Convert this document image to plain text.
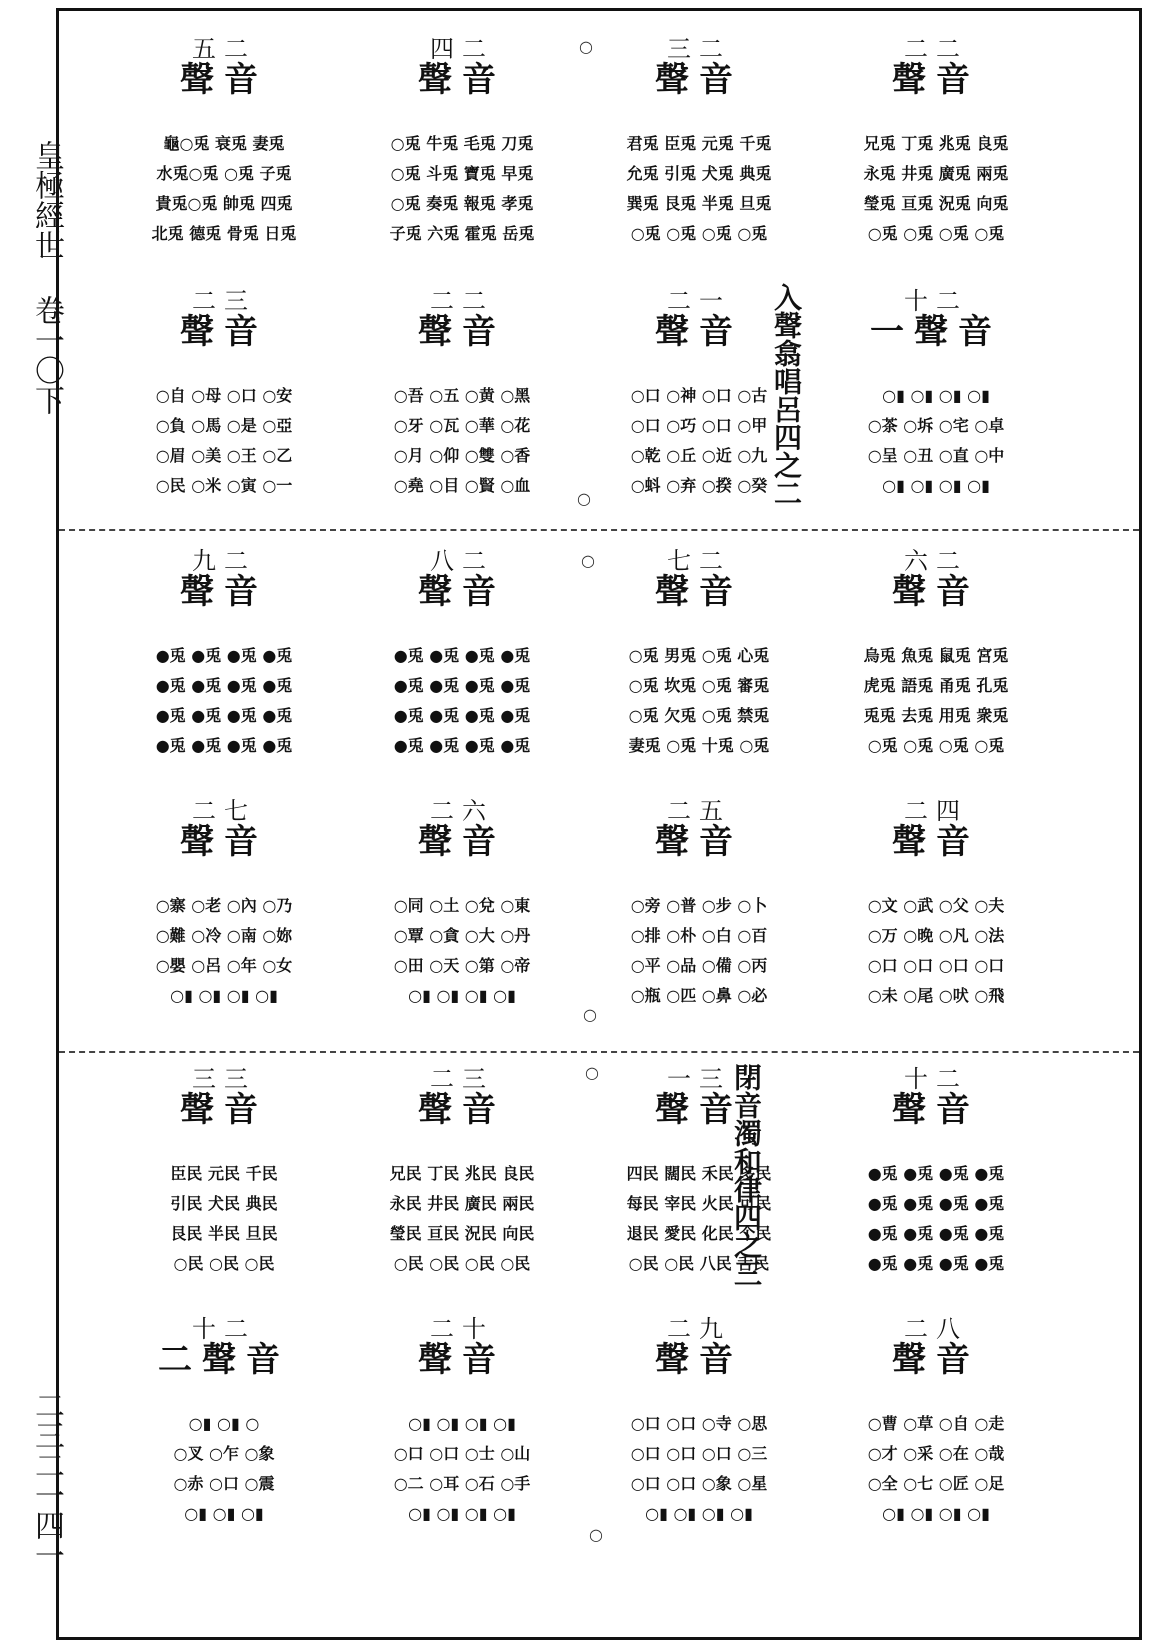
皇極經世 卷一〇下
二三二一四一
入聲翕唱呂四之二
閉音濁和律四之三
○
○
○
○
○
○
五二
聲音
龜○兎 衰兎 妻兎
水兎○兎 ○兎 子兎
貴兎○兎 帥兎 四兎
北兎 德兎 骨兎 日兎
四二
聲音
○兎 牛兎 毛兎 刀兎
○兎 斗兎 寶兎 早兎
○兎 奏兎 報兎 孝兎
子兎 六兎 霍兎 岳兎
三二
聲音
君兎 臣兎 元兎 千兎
允兎 引兎 犬兎 典兎
巽兎 艮兎 半兎 旦兎
○兎 ○兎 ○兎 ○兎
二二
聲音
兄兎 丁兎 兆兎 良兎
永兎 井兎 廣兎 兩兎
瑩兎 亘兎 況兎 向兎
○兎 ○兎 ○兎 ○兎
二三
聲音
○自 ○母 ○口 ○安
○負 ○馬 ○是 ○亞
○眉 ○美 ○王 ○乙
○民 ○米 ○寅 ○一
二二
聲音
○吾 ○五 ○黄 ○黑
○牙 ○瓦 ○華 ○花
○月 ○仰 ○雙 ○香
○堯 ○目 ○賢 ○血
二一
聲音
○口 ○神 ○口 ○古
○口 ○巧 ○口 ○甲
○乾 ○丘 ○近 ○九
○蚪 ○弃 ○揆 ○癸
十二
一聲音
○▮ ○▮ ○▮ ○▮
○茶 ○坼 ○宅 ○卓
○呈 ○丑 ○直 ○中
○▮ ○▮ ○▮ ○▮
九二
聲音
●兎 ●兎 ●兎 ●兎
●兎 ●兎 ●兎 ●兎
●兎 ●兎 ●兎 ●兎
●兎 ●兎 ●兎 ●兎
八二
聲音
●兎 ●兎 ●兎 ●兎
●兎 ●兎 ●兎 ●兎
●兎 ●兎 ●兎 ●兎
●兎 ●兎 ●兎 ●兎
七二
聲音
○兎 男兎 ○兎 心兎
○兎 坎兎 ○兎 審兎
○兎 欠兎 ○兎 禁兎
妻兎 ○兎 十兎 ○兎
六二
聲音
烏兎 魚兎 鼠兎 宮兎
虎兎 語兎 甬兎 孔兎
兎兎 去兎 用兎 衆兎
○兎 ○兎 ○兎 ○兎
二七
聲音
○寨 ○老 ○內 ○乃
○難 ○冷 ○南 ○妳
○嬰 ○呂 ○年 ○女
○▮ ○▮ ○▮ ○▮
二六
聲音
○同 ○土 ○兌 ○東
○覃 ○貪 ○大 ○丹
○田 ○天 ○第 ○帝
○▮ ○▮ ○▮ ○▮
二五
聲音
○旁 ○普 ○步 ○卜
○排 ○朴 ○白 ○百
○平 ○品 ○備 ○丙
○瓶 ○匹 ○鼻 ○必
二四
聲音
○文 ○武 ○父 ○夫
○万 ○晚 ○凡 ○法
○口 ○口 ○口 ○口
○未 ○尾 ○吠 ○飛
三三
聲音
臣民 元民 千民
引民 犬民 典民
艮民 半民 旦民
○民 ○民 ○民
二三
聲音
兄民 丁民 兆民 良民
永民 井民 廣民 兩民
瑩民 亘民 況民 向民
○民 ○民 ○民 ○民
一三
聲音
四民 闊民 禾民 多民
每民 宰民 火民 可民
退民 愛民 化民 个民
○民 ○民 八民 舌民
十二
聲音
●兎 ●兎 ●兎 ●兎
●兎 ●兎 ●兎 ●兎
●兎 ●兎 ●兎 ●兎
●兎 ●兎 ●兎 ●兎
十二
二聲音
○▮ ○▮ ○
○叉 ○乍 ○象
○赤 ○口 ○震
○▮ ○▮ ○▮
二十
聲音
○▮ ○▮ ○▮ ○▮
○口 ○口 ○士 ○山
○二 ○耳 ○石 ○手
○▮ ○▮ ○▮ ○▮
二九
聲音
○口 ○口 ○寺 ○思
○口 ○口 ○口 ○三
○口 ○口 ○象 ○星
○▮ ○▮ ○▮ ○▮
二八
聲音
○曹 ○草 ○自 ○走
○才 ○采 ○在 ○哉
○全 ○七 ○匠 ○足
○▮ ○▮ ○▮ ○▮
